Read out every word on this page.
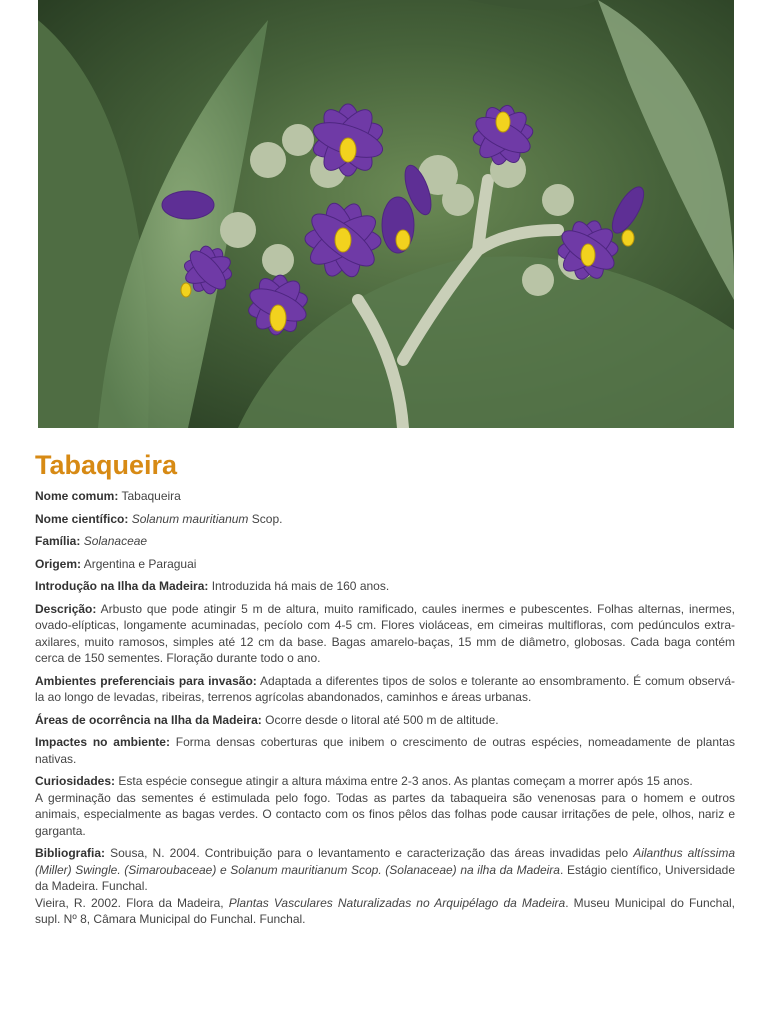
Tabaqueira

Nome comum: Tabaqueira

Nome científico: Solanum mauritianum Scop.

Família: Solanaceae

Origem: Argentina e Paraguai

Introdução na Ilha da Madeira: Introduzida há mais de 160 anos.

Descrição: Arbusto que pode atingir 5 m de altura, muito ramificado, caules inermes e pubescentes. Folhas alternas, inermes, ovado-elípticas, longamente acuminadas, pecíolo com 4-5 cm. Flores violáceas, em cimeiras multifloras, com pedúnculos extra-axilares, muito ramosos, simples até 12 cm da base. Bagas amarelo-baças, 15 mm de diâmetro, globosas. Cada baga contém cerca de 150 sementes. Floração durante todo o ano.

Ambientes preferenciais para invasão: Adaptada a diferentes tipos de solos e tolerante ao ensombramento. É comum observá-la ao longo de levadas, ribeiras, terrenos agrícolas abandonados, caminhos e áreas urbanas.

Áreas de ocorrência na Ilha da Madeira: Ocorre desde o litoral até 500 m de altitude.

Impactes no ambiente: Forma densas coberturas que inibem o crescimento de outras espécies, nomeadamente de plantas nativas.

Curiosidades: Esta espécie consegue atingir a altura máxima entre 2-3 anos. As plantas começam a morrer após 15 anos.
A germinação das sementes é estimulada pelo fogo. Todas as partes da tabaqueira são venenosas para o homem e outros animais, especialmente as bagas verdes. O contacto com os finos pêlos das folhas pode causar irritações de pele, olhos, nariz e garganta.

Bibliografia: Sousa, N. 2004. Contribuição para o levantamento e caracterização das áreas invadidas pelo Ailanthus altíssima (Miller) Swingle. (Simaroubaceae) e Solanum mauritianum Scop. (Solanaceae) na ilha da Madeira. Estágio científico, Universidade da Madeira. Funchal.
Vieira, R. 2002. Flora da Madeira, Plantas Vasculares Naturalizadas no Arquipélago da Madeira. Museu Municipal do Funchal, supl. Nº 8, Câmara Municipal do Funchal. Funchal.
